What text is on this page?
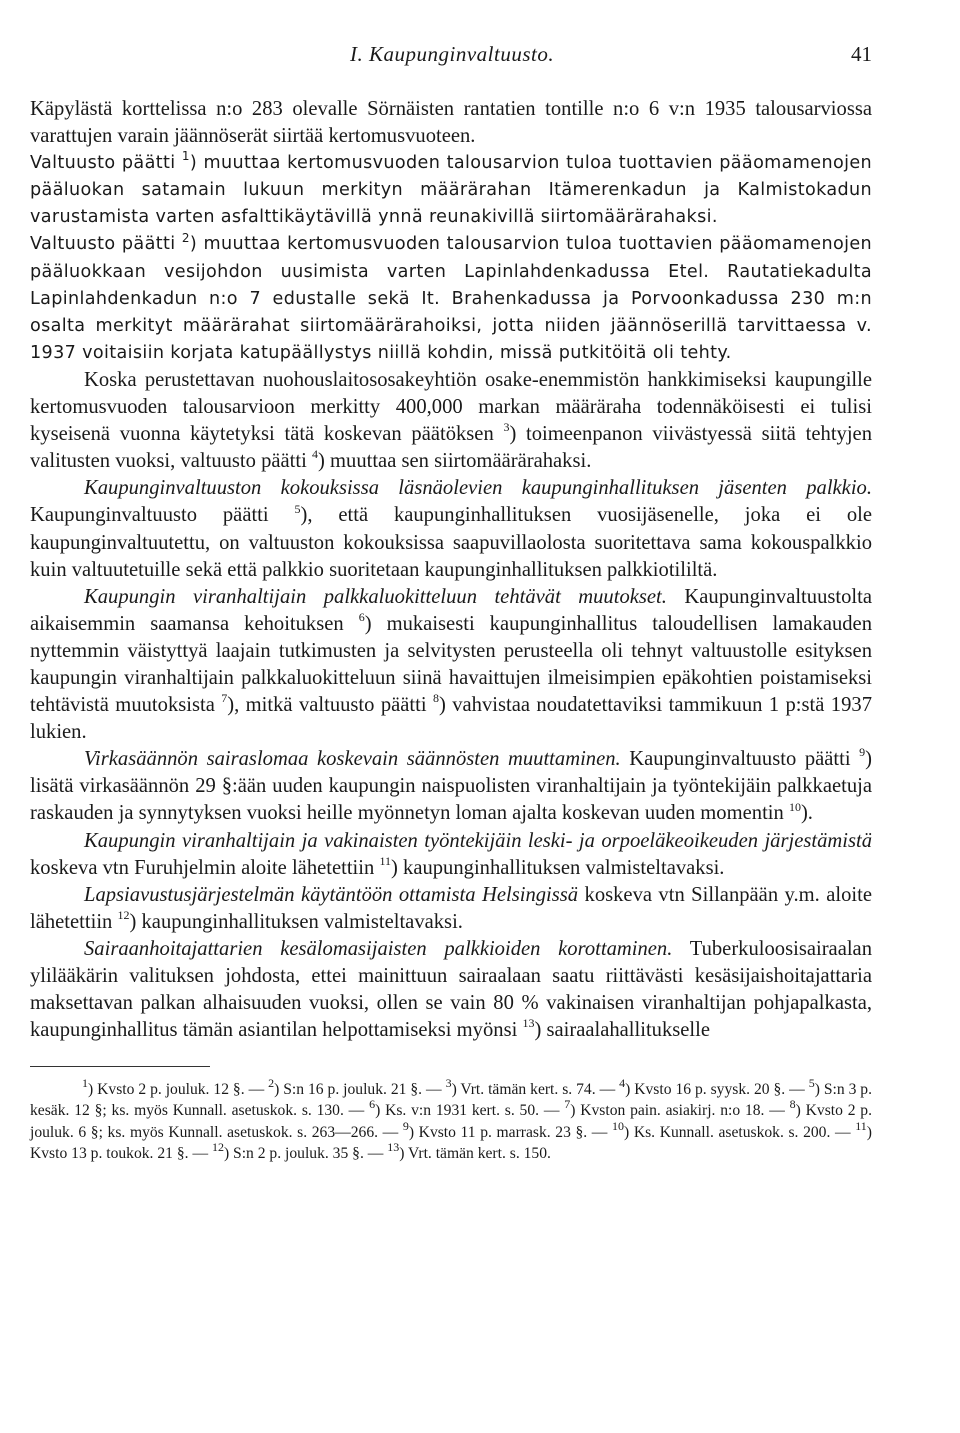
I. Kaupunginvaltuusto.	41

Käpylästä korttelissa n:o 283 olevalle Sörnäisten rantatien tontille n:o 6 v:n 1935 talousarviossa varattujen varain jäännöserät siirtää kertomusvuoteen.

Valtuusto päätti $^1$) muuttaa kertomusvuoden talousarvion tuloa tuottavien pääomamenojen pääluokan satamain lukuun merkityn määrärahan Itämerenkadun ja Kalmistokadun varustamista varten asfalttikäytävillä ynnä reunakivillä siirtomäärärahaksi.

Valtuusto päätti $^2$) muuttaa kertomusvuoden talousarvion tuloa tuottavien pääomamenojen pääluokkaan vesijohdon uusimista varten Lapinlahdenkadussa Etel. Rautatiekadulta Lapinlahdenkadun n:o 7 edustalle sekä It. Brahenkadussa ja Porvoonkadussa 230 m:n osalta merkityt määrärahat siirtomäärärahoiksi, jotta niiden jäännöserillä tarvittaessa v. 1937 voitaisiin korjata katupäällystys niillä kohdin, missä putkitöitä oli tehty.

Koska perustettavan nuohouslaitososakeyhtiön osake-enemmistön hankkimiseksi kaupungille kertomusvuoden talousarvioon merkitty 400,000 markan määräraha todennäköisesti ei tulisi kyseisenä vuonna käytetyksi tätä koskevan päätöksen $^3$) toimeenpanon viivästyessä siitä tehtyjen valitusten vuoksi, valtuusto päätti $^4$) muuttaa sen siirtomäärärahaksi.

Kaupunginvaltuuston kokouksissa läsnäolevien kaupunginhallituksen jäsenten palkkio. Kaupunginvaltuusto päätti $^5$), että kaupunginhallituksen vuosijäsenelle, joka ei ole kaupunginvaltuutettu, on valtuuston kokouksissa saapuvillaolosta suoritettava sama kokouspalkkio kuin valtuutetuille sekä että palkkio suoritetaan kaupunginhallituksen palkkiotililtä.

Kaupungin viranhaltijain palkkaluokitteluun tehtävät muutokset. Kaupunginvaltuustolta aikaisemmin saamansa kehoituksen $^6$) mukaisesti kaupunginhallitus taloudellisen lamakauden nyttemmin väistyttyä laajain tutkimusten ja selvitysten perusteella oli tehnyt valtuustolle esityksen kaupungin viranhaltijain palkkaluokitteluun siinä havaittujen ilmeisimpien epäkohtien poistamiseksi tehtävistä muutoksista $^7$), mitkä valtuusto päätti $^8$) vahvistaa noudatettaviksi tammikuun 1 p:stä 1937 lukien.

Virkasäännön sairaslomaa koskevain säännösten muuttaminen. Kaupunginvaltuusto päätti $^9$) lisätä virkasäännön 29 §:ään uuden kaupungin naispuolisten viranhaltijain ja työntekijäin palkkaetuja raskauden ja synnytyksen vuoksi heille myönnetyn loman ajalta koskevan uuden momentin $^{10}$).

Kaupungin viranhaltijain ja vakinaisten työntekijäin leski- ja orpoeläkeoikeuden järjestämistä koskeva vtn Furuhjelmin aloite lähetettiin $^{11}$) kaupunginhallituksen valmisteltavaksi.

Lapsiavustusjärjestelmän käytäntöön ottamista Helsingissä koskeva vtn Sillanpään y.m. aloite lähetettiin $^{12}$) kaupunginhallituksen valmisteltavaksi.

Sairaanhoitajattarien kesälomasijaisten palkkioiden korottaminen. Tuberkuloosisairaalan ylilääkärin valituksen johdosta, ettei mainittuun sairaalaan saatu riittävästi kesäsijaishoitajattaria maksettavan palkan alhaisuuden vuoksi, ollen se vain 80 % vakinaisen viranhaltijan pohjapalkasta, kaupunginhallitus tämän asiantilan helpottamiseksi myönsi $^{13}$) sairaalahallitukselle

$^1$) Kvsto 2 p. jouluk. 12 §. — $^2$) S:n 16 p. jouluk. 21 §. — $^3$) Vrt. tämän kert. s. 74. — $^4$) Kvsto 16 p. syysk. 20 §. — $^5$) S:n 3 p. kesäk. 12 §; ks. myös Kunnall. asetuskok. s. 130. — $^6$) Ks. v:n 1931 kert. s. 50. — $^7$) Kvston pain. asiakirj. n:o 18. — $^8$) Kvsto 2 p. jouluk. 6 §; ks. myös Kunnall. asetuskok. s. 263—266. — $^9$) Kvsto 11 p. marrask. 23 §. — $^{10}$) Ks. Kunnall. asetuskok. s. 200. — $^{11}$) Kvsto 13 p. toukok. 21 §. — $^{12}$) S:n 2 p. jouluk. 35 §. — $^{13}$) Vrt. tämän kert. s. 150.
